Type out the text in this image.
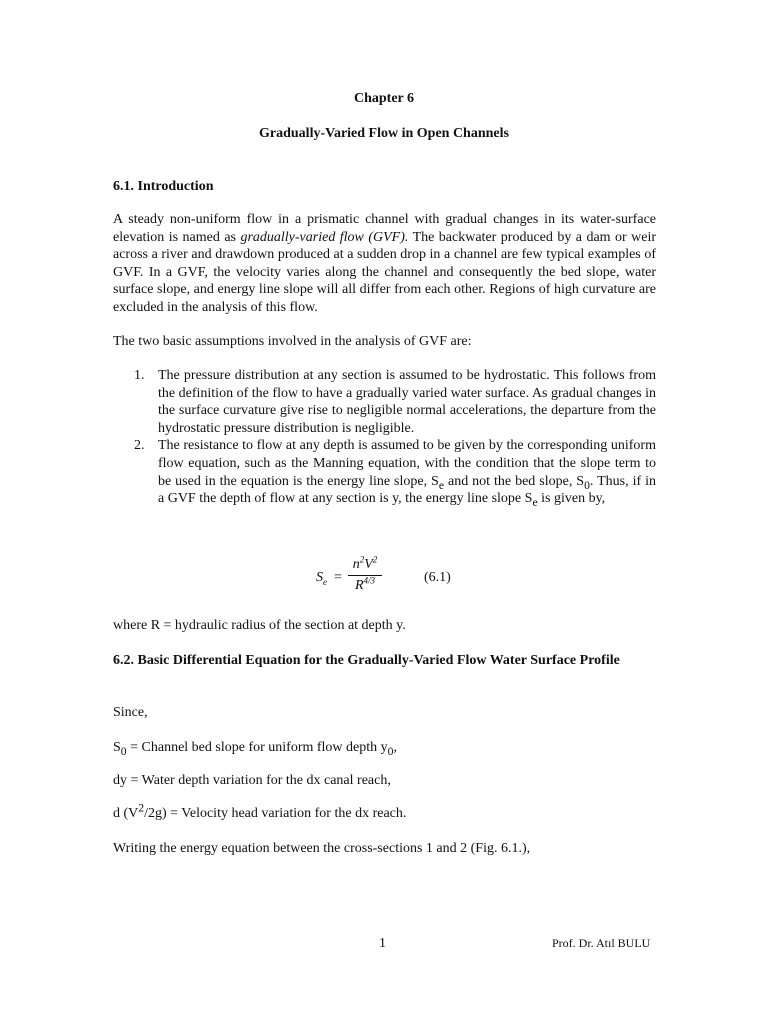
Chapter 6
Gradually-Varied Flow in Open Channels
6.1. Introduction
A steady non-uniform flow in a prismatic channel with gradual changes in its water-surface elevation is named as gradually-varied flow (GVF). The backwater produced by a dam or weir across a river and drawdown produced at a sudden drop in a channel are few typical examples of GVF. In a GVF, the velocity varies along the channel and consequently the bed slope, water surface slope, and energy line slope will all differ from each other. Regions of high curvature are excluded in the analysis of this flow.
The two basic assumptions involved in the analysis of GVF are:
1. The pressure distribution at any section is assumed to be hydrostatic. This follows from the definition of the flow to have a gradually varied water surface. As gradual changes in the surface curvature give rise to negligible normal accelerations, the departure from the hydrostatic pressure distribution is negligible.
2. The resistance to flow at any depth is assumed to be given by the corresponding uniform flow equation, such as the Manning equation, with the condition that the slope term to be used in the equation is the energy line slope, $S_e$ and not the bed slope, $S_0$. Thus, if in a GVF the depth of flow at any section is y, the energy line slope $S_e$ is given by,
$S_e$ =
$n^2V^2$
$R^{4/3}$	(6.1)
where R = hydraulic radius of the section at depth y.
6.2. Basic Differential Equation for the Gradually-Varied Flow Water Surface Profile
Since,
$S_0$ = Channel bed slope for uniform flow depth $y_0$,
dy = Water depth variation for the dx canal reach,
d $(V^2/2g)$ = Velocity head variation for the dx reach.
Writing the energy equation between the cross-sections 1 and 2 (Fig. 6.1.),
1	Prof. Dr. Atıl BULU
